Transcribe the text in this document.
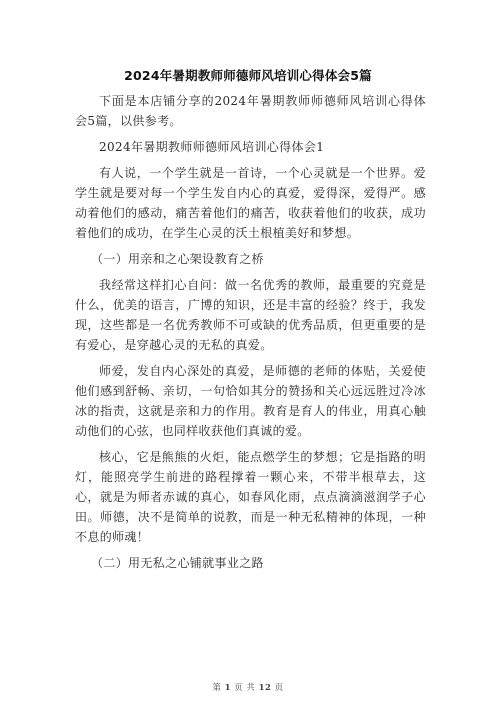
2024年暑期教师师德师风培训心得体会5篇

下面是本店铺分享的2024年暑期教师师德师风培训心得体会5篇，以供参考。

2024年暑期教师师德师风培训心得体会1

有人说，一个学生就是一首诗，一个心灵就是一个世界。爱学生就是要对每一个学生发自内心的真爱，爱得深，爱得严。感动着他们的感动，痛苦着他们的痛苦，收获着他们的收获，成功着他们的成功，在学生心灵的沃土根植美好和梦想。

（一）用亲和之心架设教育之桥

我经常这样扪心自问：做一名优秀的教师，最重要的究竟是什么，优美的语言，广博的知识，还是丰富的经验？终于，我发现，这些都是一名优秀教师不可或缺的优秀品质，但更重要的是有爱心，是穿越心灵的无私的真爱。

师爱，发自内心深处的真爱，是师德的老师的体贴，关爱使他们感到舒畅、亲切，一句恰如其分的赞扬和关心远远胜过冷冰冰的指责，这就是亲和力的作用。教育是育人的伟业，用真心触动他们的心弦，也同样收获他们真诚的爱。

核心，它是熊熊的火炬，能点燃学生的梦想；它是指路的明灯，能照亮学生前进的路程撑着一颗心来，不带半根草去，这心，就是为师者赤诚的真心，如春风化雨，点点滴滴滋润学子心田。师德，决不是简单的说教，而是一种无私精神的体现，一种不息的师魂！

（二）用无私之心铺就事业之路

第 1 页 共 12 页
